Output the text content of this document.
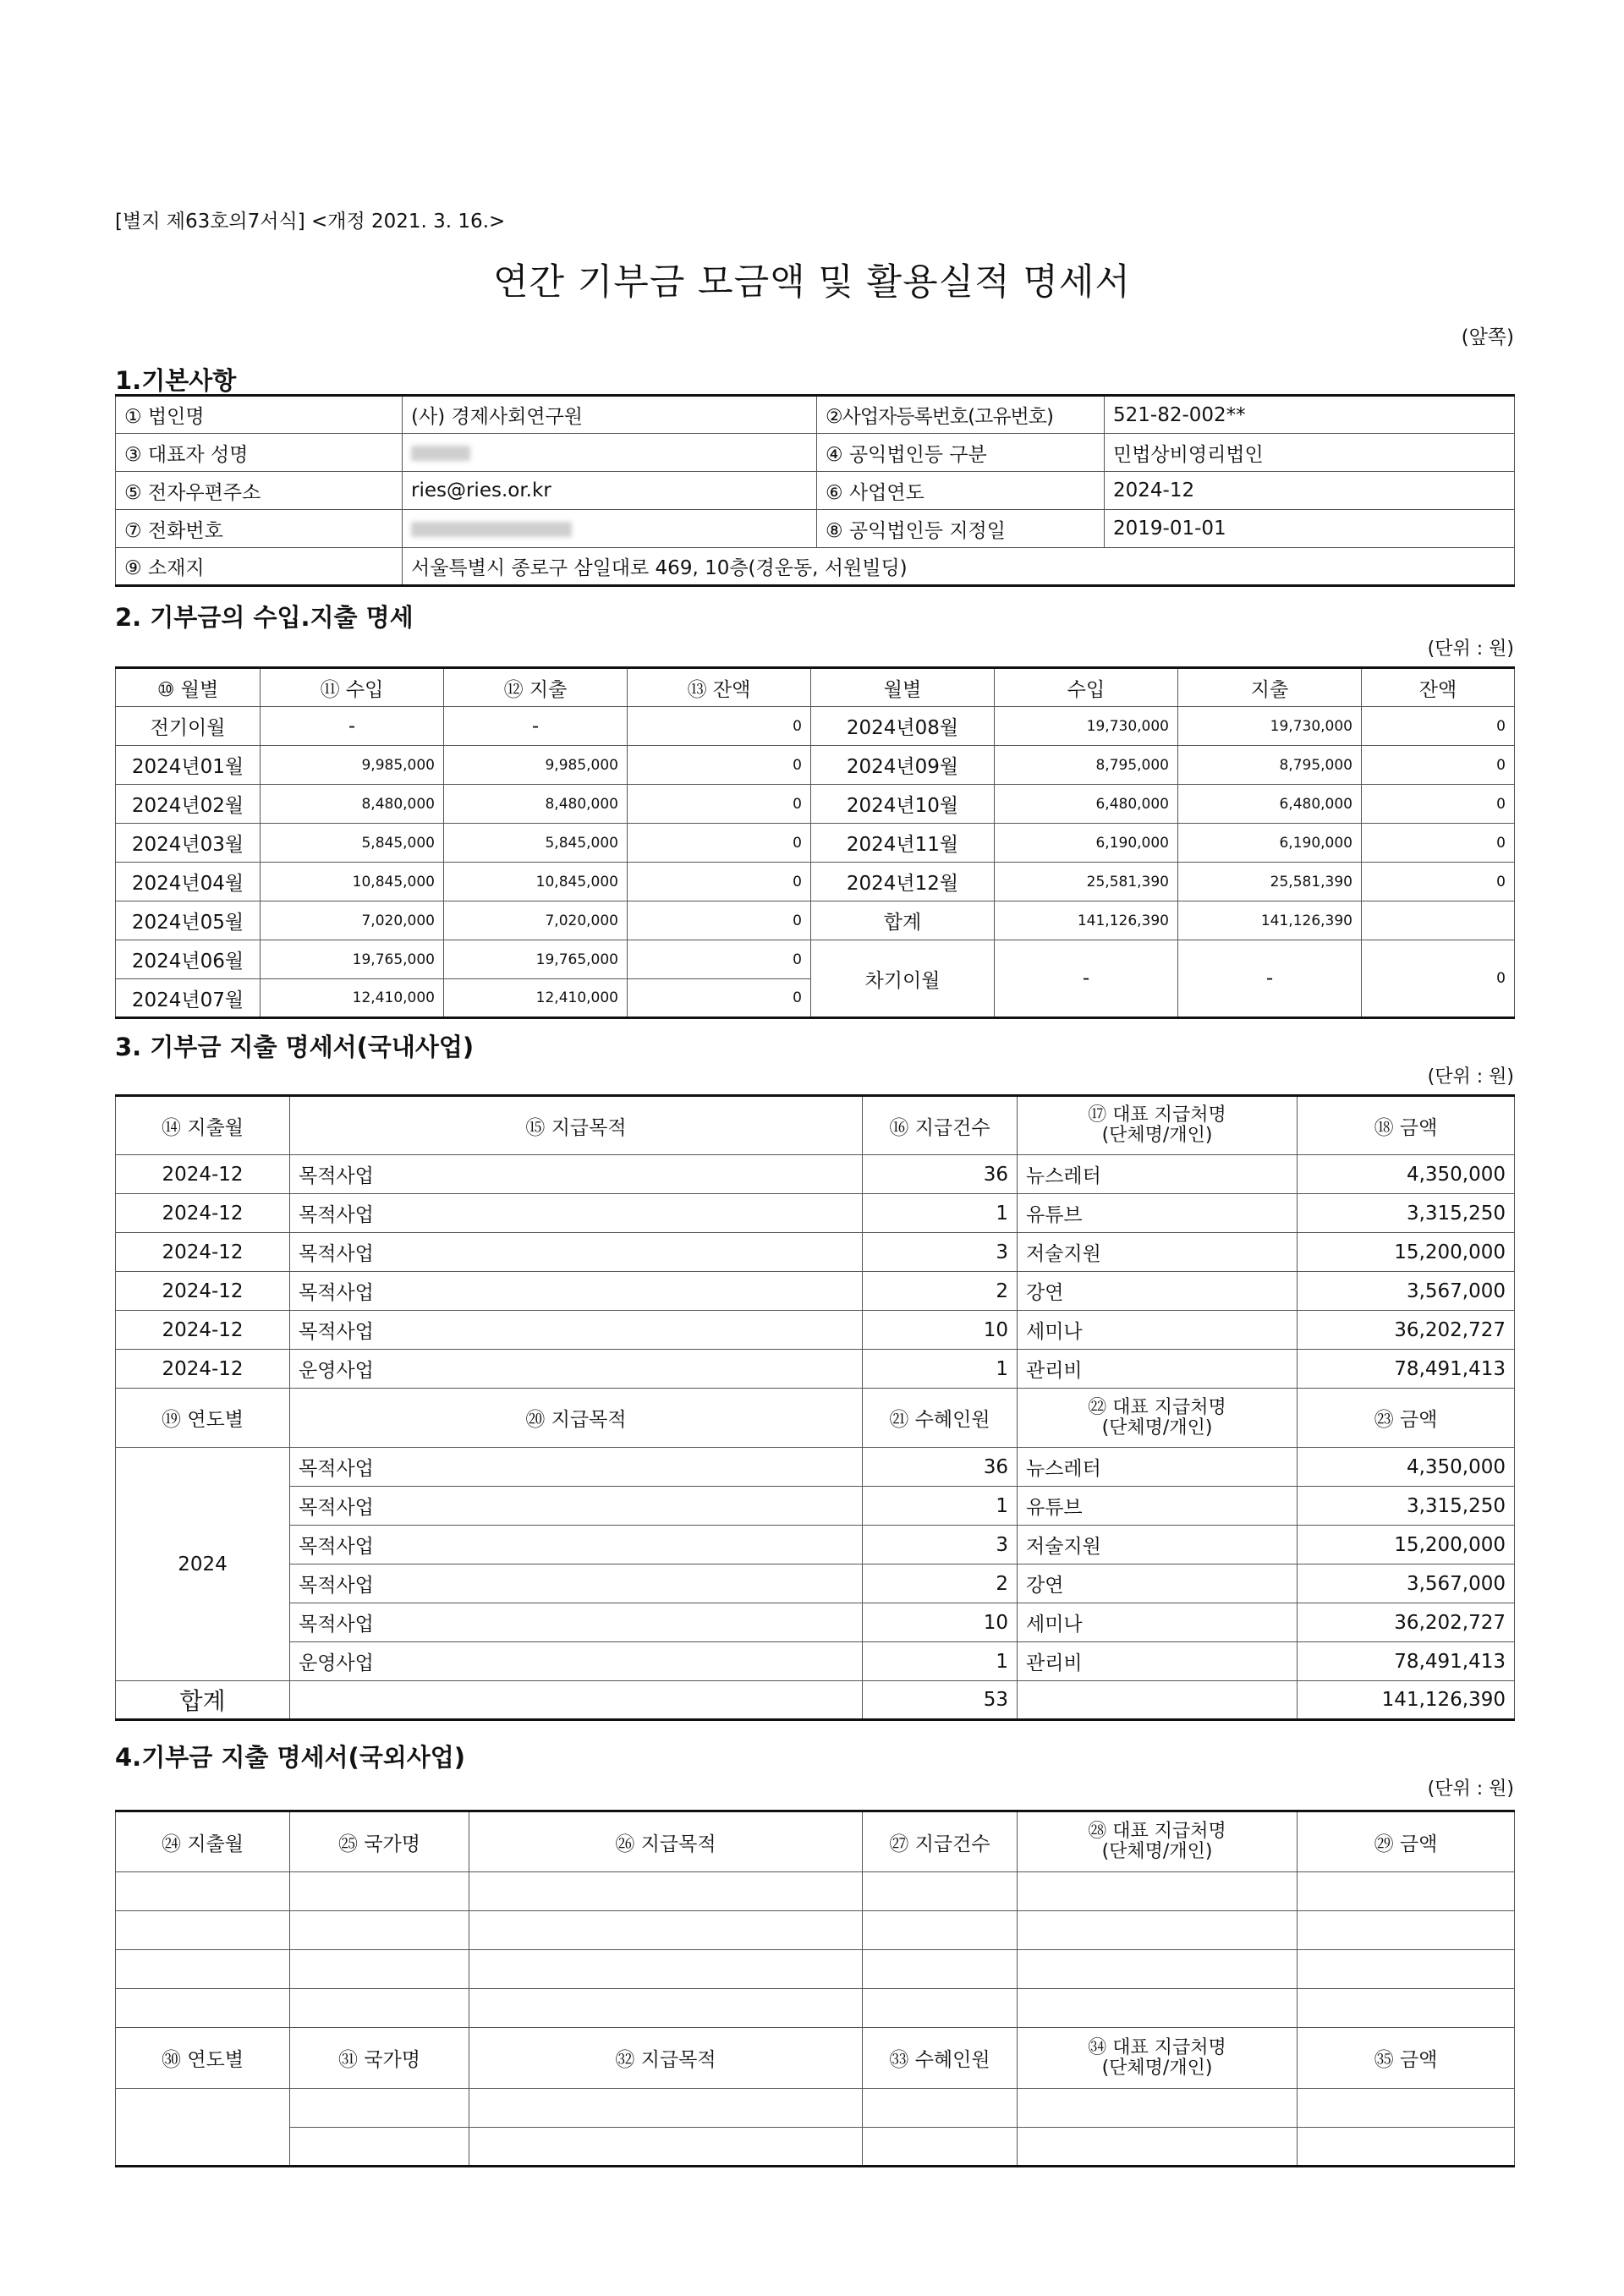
[별지 제63호의7서식] <개정 2021. 3. 16.>
연간 기부금 모금액 및 활용실적 명세서
(앞쪽)
1.기본사항
① 법인명	(사) 경제사회연구원	②사업자등록번호(고유번호)	521-82-002**
③ 대표자 성명		④ 공익법인등 구분	민법상비영리법인
⑤ 전자우편주소	ries@ries.or.kr	⑥ 사업연도	2024-12
⑦ 전화번호		⑧ 공익법인등 지정일	2019-01-01
⑨ 소재지	서울특별시 종로구 삼일대로 469, 10층(경운동, 서원빌딩)		
2. 기부금의 수입.지출 명세
(단위 : 원)
⑩ 월별	⑪ 수입	⑫ 지출	⑬ 잔액	월별	수입	지출	잔액
전기이월	-	-	0	2024년08월	19,730,000	19,730,000	0
2024년01월	9,985,000	9,985,000	0	2024년09월	8,795,000	8,795,000	0
2024년02월	8,480,000	8,480,000	0	2024년10월	6,480,000	6,480,000	0
2024년03월	5,845,000	5,845,000	0	2024년11월	6,190,000	6,190,000	0
2024년04월	10,845,000	10,845,000	0	2024년12월	25,581,390	25,581,390	0
2024년05월	7,020,000	7,020,000	0	합계	141,126,390	141,126,390	
2024년06월	19,765,000	19,765,000	0	차기이월	-	-	0
2024년07월	12,410,000	12,410,000	0				
3. 기부금 지출 명세서(국내사업)
(단위 : 원)
⑭ 지출월	⑮ 지급목적	⑯ 지급건수	⑰ 대표 지급처명
(단체명/개인)	⑱ 금액
2024-12	목적사업	36	뉴스레터	4,350,000
2024-12	목적사업	1	유튜브	3,315,250
2024-12	목적사업	3	저술지원	15,200,000
2024-12	목적사업	2	강연	3,567,000
2024-12	목적사업	10	세미나	36,202,727
2024-12	운영사업	1	관리비	78,491,413
⑲ 연도별	⑳ 지급목적	㉑ 수혜인원	㉒ 대표 지급처명
(단체명/개인)	㉓ 금액
2024	목적사업	36	뉴스레터	4,350,000
	목적사업	1	유튜브	3,315,250
	목적사업	3	저술지원	15,200,000
	목적사업	2	강연	3,567,000
	목적사업	10	세미나	36,202,727
	운영사업	1	관리비	78,491,413
합계		53		141,126,390
4.기부금 지출 명세서(국외사업)
(단위 : 원)
㉔ 지출월	㉕ 국가명	㉖ 지급목적	㉗ 지급건수	㉘ 대표 지급처명
(단체명/개인)	㉙ 금액

㉚ 연도별	㉛ 국가명	㉜ 지급목적	㉝ 수혜인원	㉞ 대표 지급처명
(단체명/개인)	㉟ 금액
